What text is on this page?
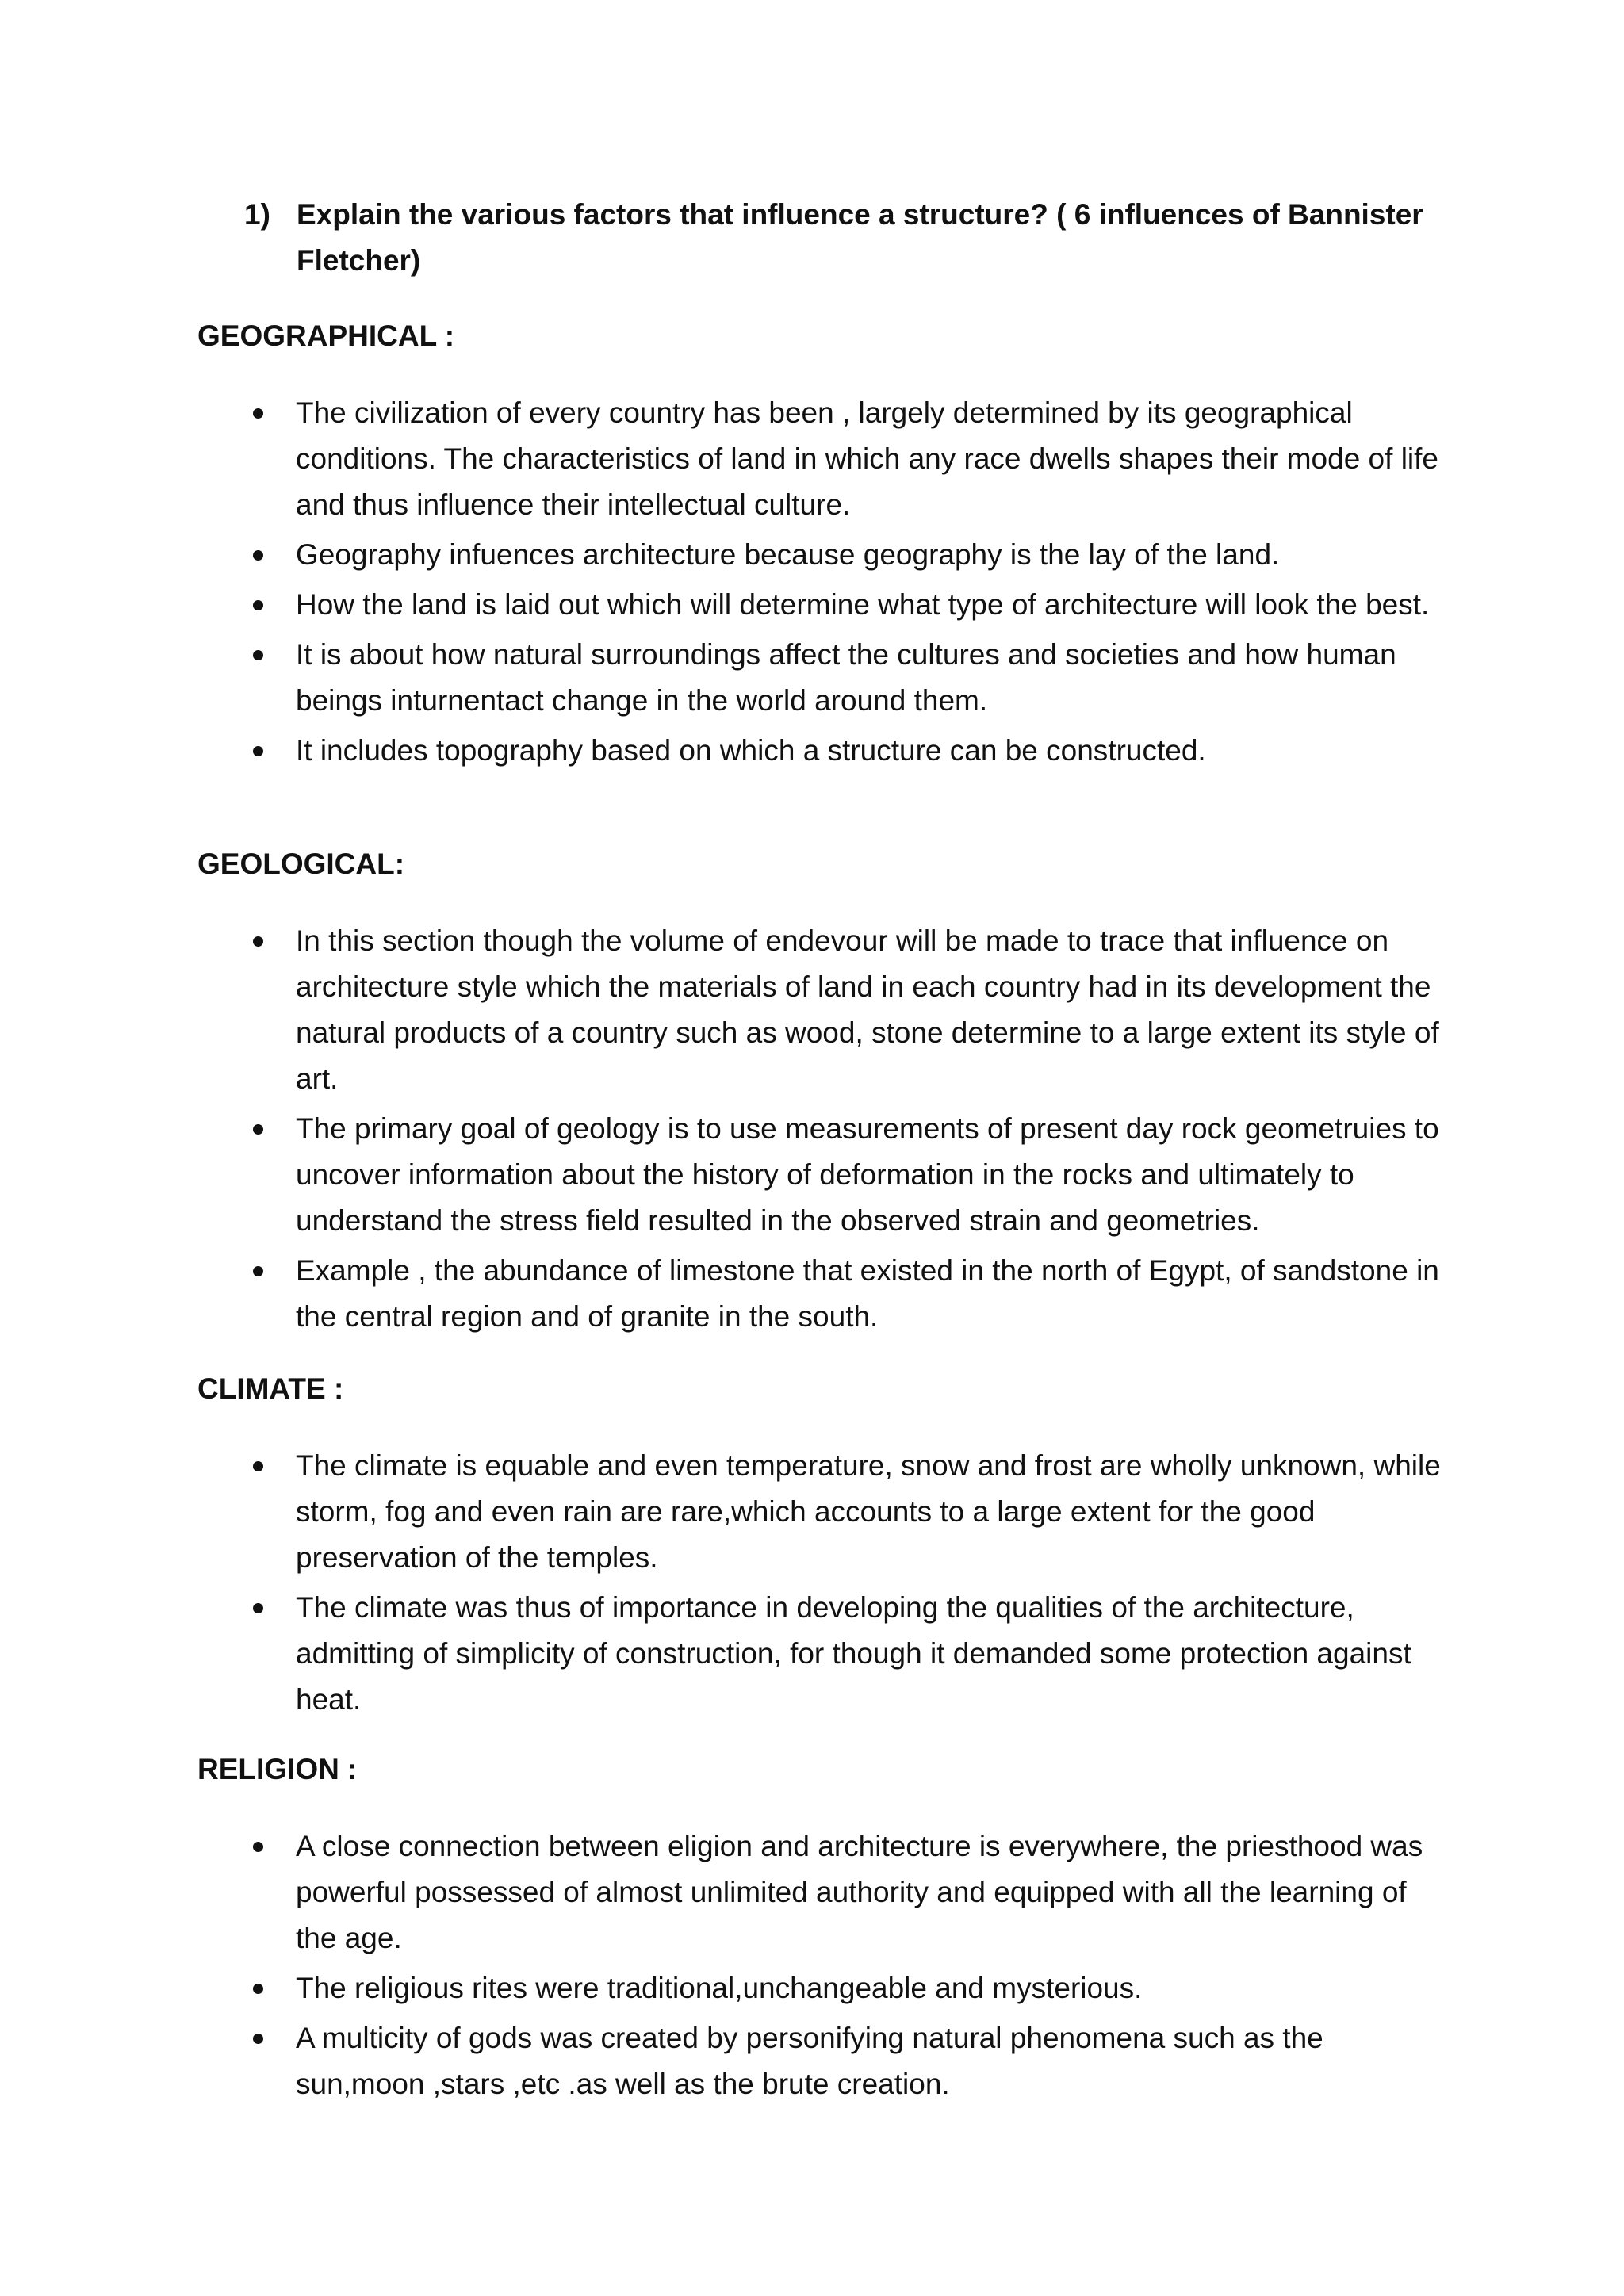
1) Explain the various factors that influence a structure? ( 6 influences of Bannister Fletcher)
GEOGRAPHICAL :
The civilization of every country has been , largely determined by its geographical conditions. The characteristics of land in which any race dwells shapes their mode of life and thus influence their intellectual culture.
Geography infuences architecture because geography is the lay of the land.
How the land is laid out which will determine what type of architecture will look the best.
It is about how natural surroundings affect the cultures and societies and how human beings inturnentact change in the world around them.
It includes topography based on which a structure can be constructed.
GEOLOGICAL:
In this section though the volume of endevour will be made to trace that influence on architecture style which the materials of land in each country had in its development the natural products of a country such as wood, stone determine to a large extent its style of art.
The primary goal of geology is to use measurements of present day rock geometruies to uncover information about the history of deformation in the rocks and ultimately to understand the stress field resulted in the observed strain and geometries.
Example , the abundance of limestone that existed in the north of Egypt, of sandstone in the central region and of granite in the south.
CLIMATE :
The climate is equable and even temperature, snow and frost are wholly unknown, while storm, fog and even rain are rare,which accounts to a large extent for the good preservation of the temples.
The climate was thus of importance in developing the qualities of the architecture, admitting of simplicity of construction, for though it demanded some protection against heat.
RELIGION :
A close connection between eligion and architecture is everywhere, the priesthood was powerful possessed of almost unlimited authority and equipped with all the learning of the age.
The religious rites were traditional,unchangeable and mysterious.
A multicity of gods was created by personifying natural phenomena such as the sun,moon ,stars ,etc .as well as the brute creation.
